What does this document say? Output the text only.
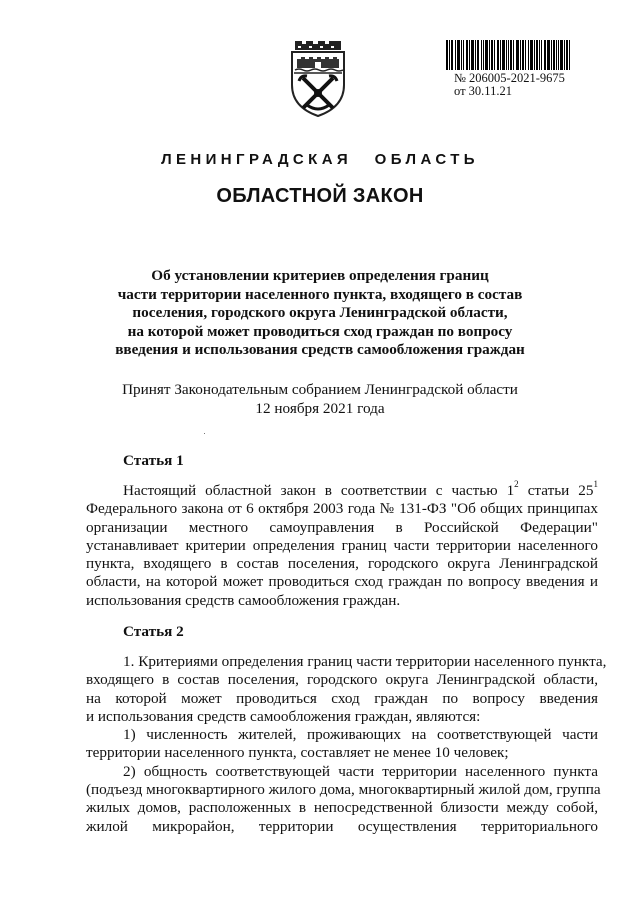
№ 206005-2021-9675
от 30.11.21
ЛЕНИНГРАДСКАЯ ОБЛАСТЬ
ОБЛАСТНОЙ ЗАКОН
Об установлении критериев определения границ
части территории населенного пункта, входящего в состав
поселения, городского округа Ленинградской области,
на которой может проводиться сход граждан по вопросу
введения и использования средств самообложения граждан
Принят Законодательным собранием Ленинградской области
12 ноября 2021 года
Статья 1
Настоящий областной закон в соответствии с частью $1^2$ статьи $25^1$ Федерального закона от 6 октября 2003 года № 131-ФЗ "Об общих принципах организации местного самоуправления в Российской Федерации" устанавливает критерии определения границ части территории населенного пункта, входящего в состав поселения, городского округа Ленинградской области, на которой может проводиться сход граждан по вопросу введения и использования средств самообложения граждан.
Статья 2
1. Критериями определения границ части территории населенного пункта,
входящего в состав поселения, городского округа Ленинградской области,
на которой может проводиться сход граждан по вопросу введения
и использования средств самообложения граждан, являются:
1) численность жителей, проживающих на соответствующей части
территории населенного пункта, составляет не менее 10 человек;
2) общность соответствующей части территории населенного пункта
(подъезд многоквартирного жилого дома, многоквартирный жилой дом, группа
жилых домов, расположенных в непосредственной близости между собой,
жилой микрорайон, территории осуществления территориального
